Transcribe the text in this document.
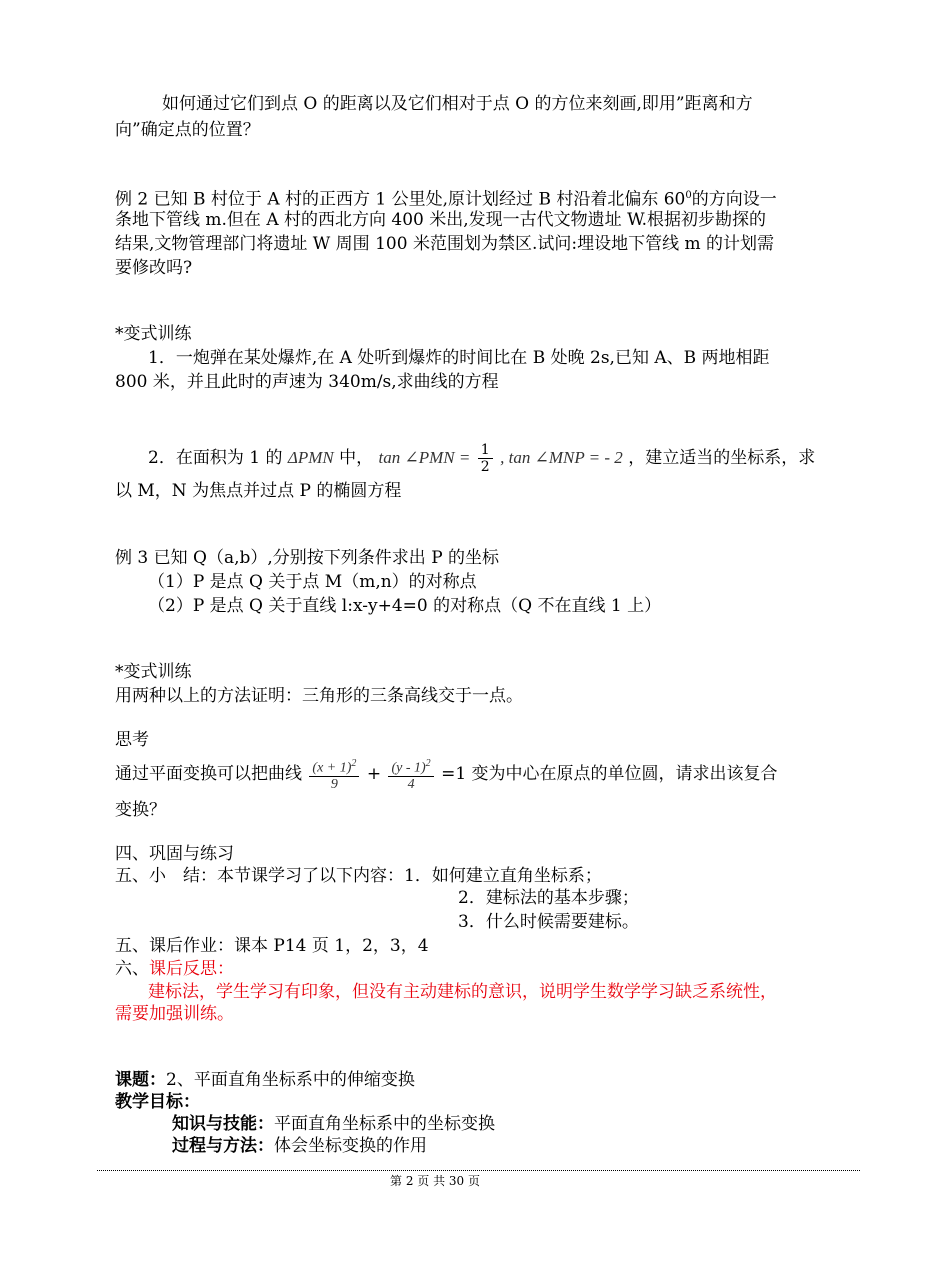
如何通过它们到点 O 的距离以及它们相对于点 O 的方位来刻画,即用”距离和方
向”确定点的位置？
例 2 已知 B 村位于 A 村的正西方 1 公里处,原计划经过 B 村沿着北偏东 $60^0$的方向设一
条地下管线 m.但在 A 村的西北方向 400 米出,发现一古代文物遗址 W.根据初步勘探的
结果,文物管理部门将遗址 W 周围 100 米范围划为禁区.试问:埋设地下管线 m 的计划需
要修改吗?
*变式训练
1．一炮弹在某处爆炸,在 A 处听到爆炸的时间比在 B 处晚 2s,已知 A、B 两地相距
800 米，并且此时的声速为 340m/s,求曲线的方程
2．在面积为 1 的 ΔPMN 中， tan ∠PMN = $\frac{1}{2}$ , tan ∠MNP = - 2 ，建立适当的坐标系，求
以 M，N 为焦点并过点 P 的椭圆方程
例 3 已知 Q（a,b）,分别按下列条件求出 P 的坐标
（1）P 是点 Q 关于点 M（m,n）的对称点
（2）P 是点 Q 关于直线 l:x-y+4=0 的对称点（Q 不在直线 1 上）
*变式训练
用两种以上的方法证明：三角形的三条高线交于一点。
思考
通过平面变换可以把曲线 $\frac{(x + 1)^2}{9} + \frac{(y - 1)^2}{4} =1$ 变为中心在原点的单位圆，请求出该复合
变换？
四、巩固与练习
五、小　结：本节课学习了以下内容：1．如何建立直角坐标系；
2．建标法的基本步骤；
3．什么时候需要建标。
五、课后作业：课本 P14 页 1，2，3，4
六、课后反思：
建标法，学生学习有印象，但没有主动建标的意识，说明学生数学学习缺乏系统性，
需要加强训练。
课题：2、平面直角坐标系中的伸缩变换
教学目标：
知识与技能：平面直角坐标系中的坐标变换
过程与方法：体会坐标变换的作用
第 2 页 共 30 页
